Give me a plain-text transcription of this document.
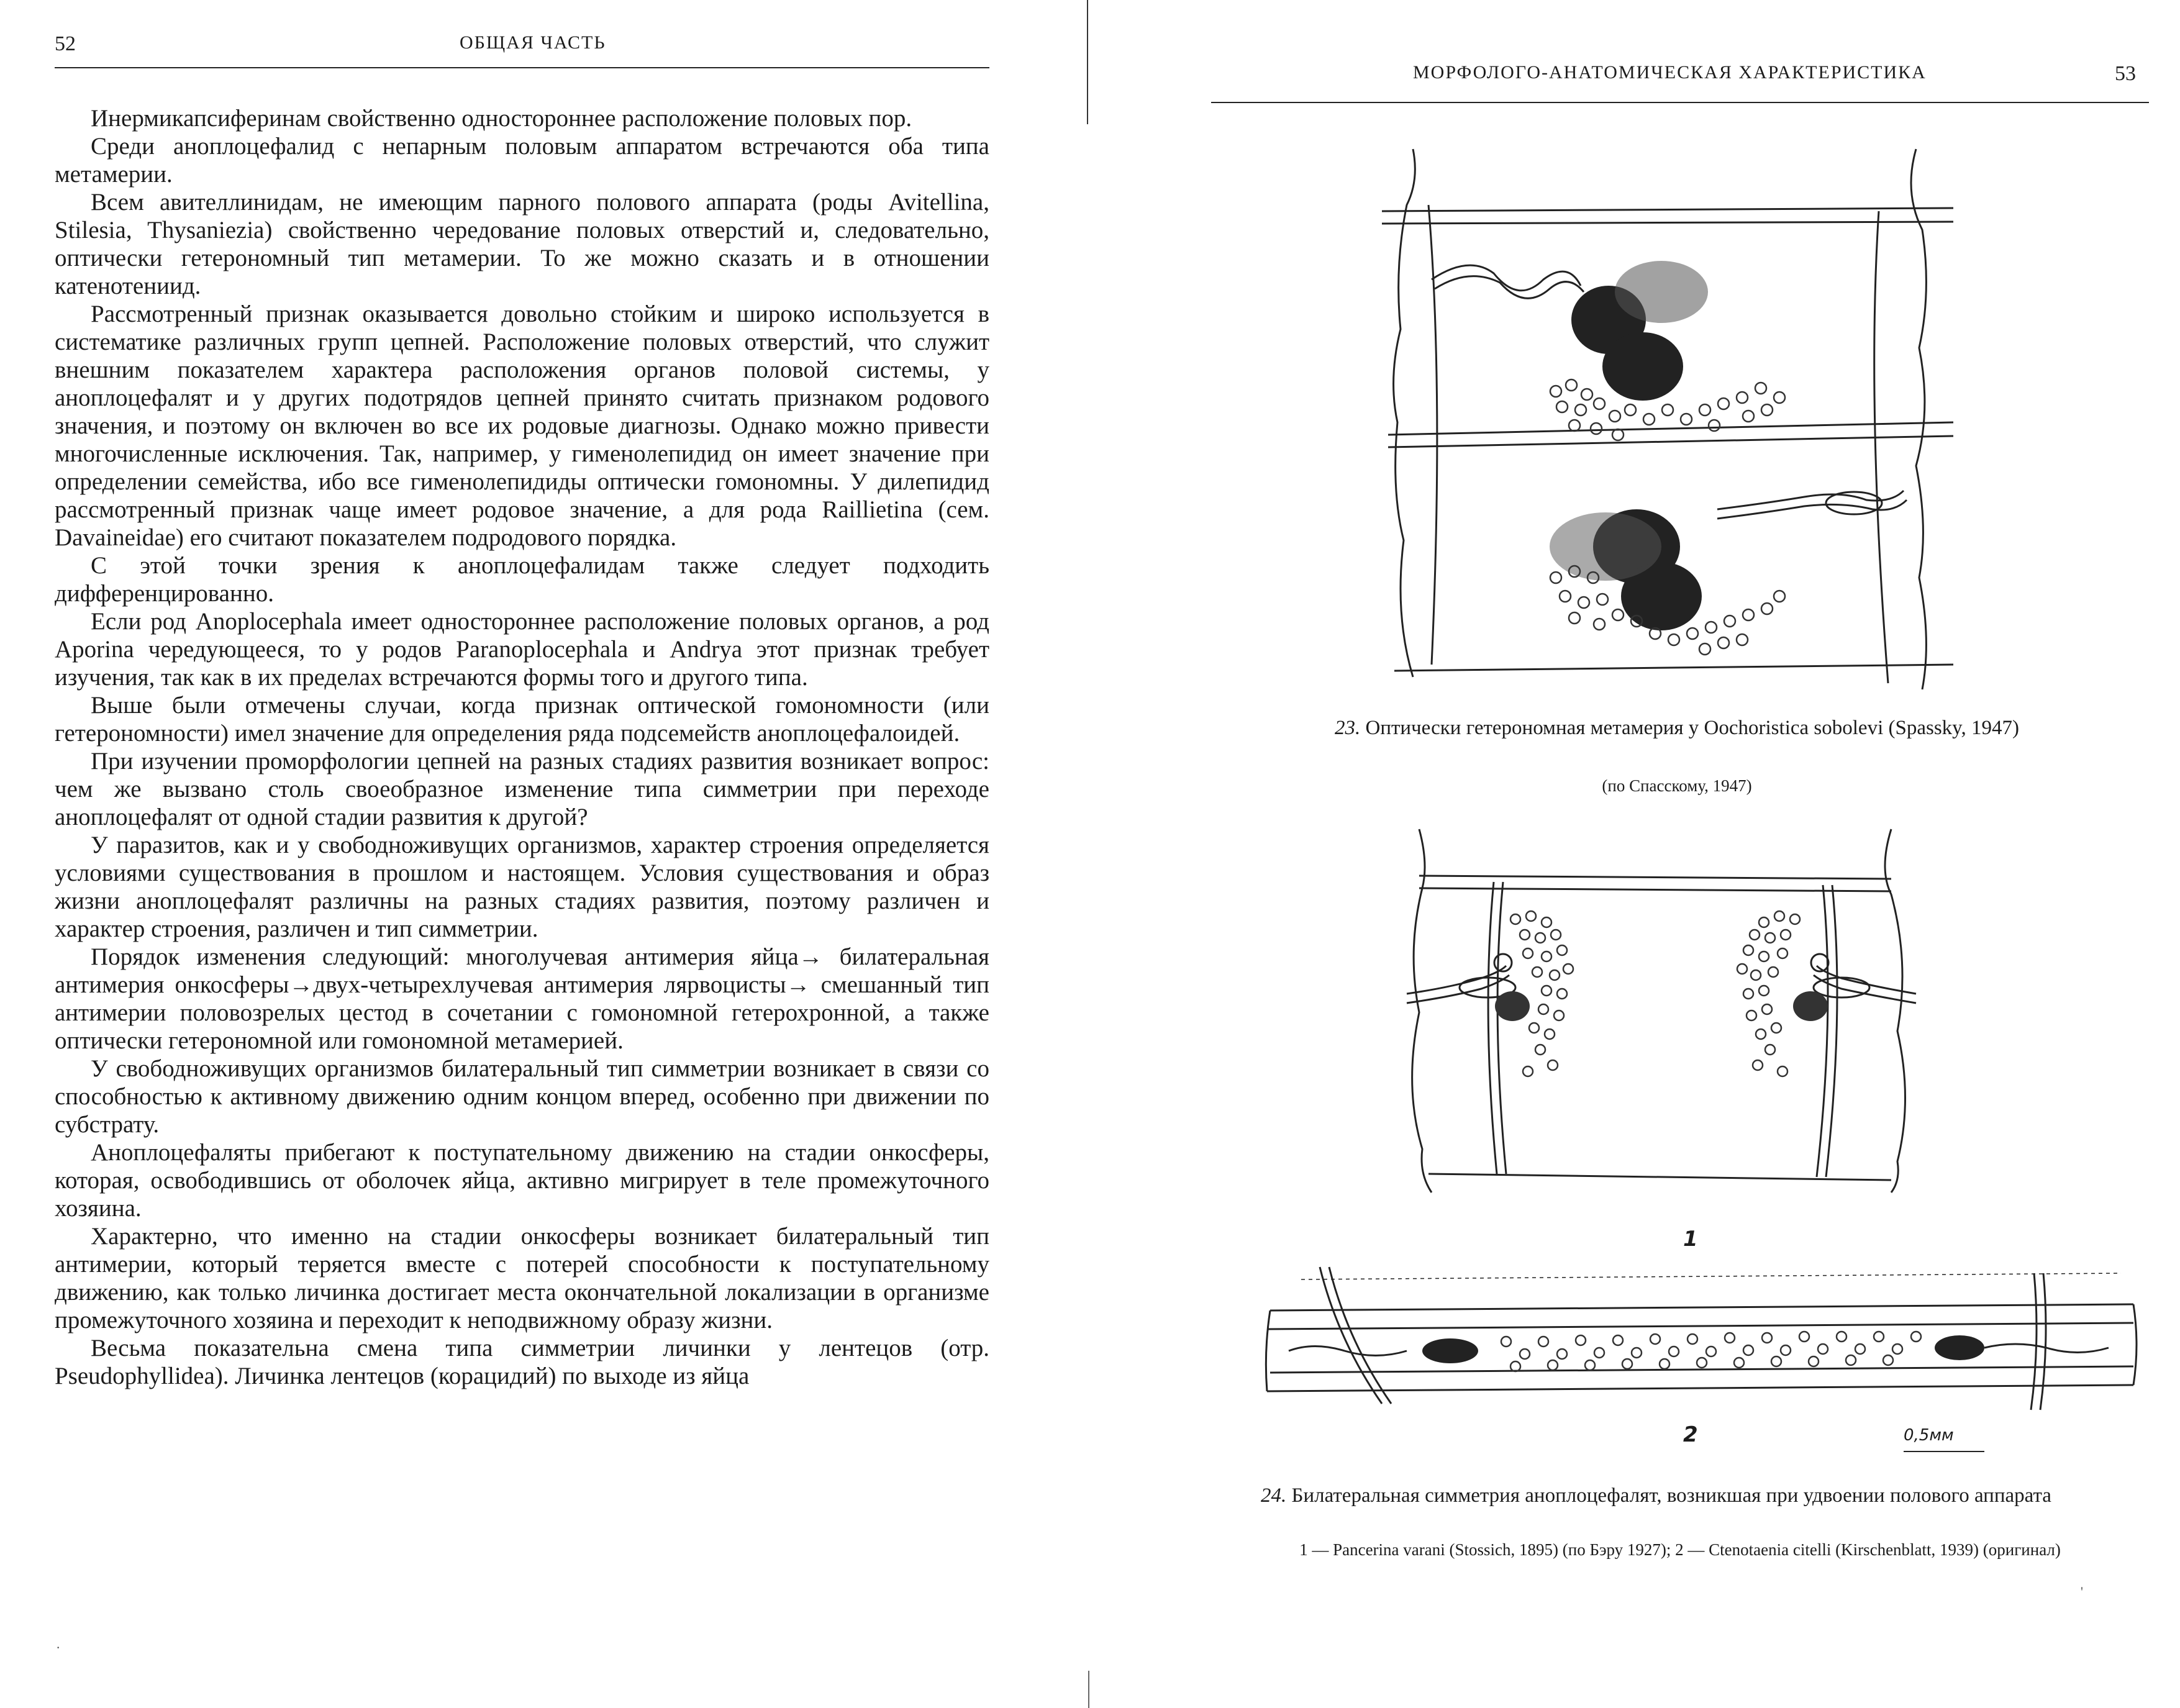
52	ОБЩАЯ ЧАСТЬ

Инермикапсиферинам свойственно одностороннее расположение половых пор.

Среди аноплоцефалид с непарным половым аппаратом встречаются оба типа метамерии.

Всем авителлинидам, не имеющим парного полового аппарата (роды Avitellina, Stilesia, Thysaniezia) свойственно чередование половых отверстий и, следовательно, оптически гетерономный тип метамерии. То же можно сказать и в отношении катенотениид.

Рассмотренный признак оказывается довольно стойким и широко используется в систематике различных групп цепней. Расположение половых отверстий, что служит внешним показателем характера расположения органов половой системы, у аноплоцефалят и у других подотрядов цепней принято считать признаком родового значения, и поэтому он включен во все их родовые диагнозы. Однако можно привести многочисленные исключения. Так, например, у гименолепидид он имеет значение при определении семейства, ибо все гименолепидиды оптически гомономны. У дилепидид рассмотренный признак чаще имеет родовое значение, а для рода Raillietina (сем. Davaineidae) его считают показателем подродового порядка.

С этой точки зрения к аноплоцефалидам также следует подходить дифференцированно.

Если род Anoplocephala имеет одностороннее расположение половых органов, а род Aporina чередующееся, то у родов Paranoplocephala и Andrya этот признак требует изучения, так как в их пределах встречаются формы того и другого типа.

Выше были отмечены случаи, когда признак оптической гомономности (или гетерономности) имел значение для определения ряда подсемейств аноплоцефалоидей.

При изучении проморфологии цепней на разных стадиях развития возникает вопрос: чем же вызвано столь своеобразное изменение типа симметрии при переходе аноплоцефалят от одной стадии развития к другой?

У паразитов, как и у свободноживущих организмов, характер строения определяется условиями существования в прошлом и настоящем. Условия существования и образ жизни аноплоцефалят различны на разных стадиях развития, поэтому различен и характер строения, различен и тип симметрии.

Порядок изменения следующий: многолучевая антимерия яйца→ билатеральная антимерия онкосферы→двух-четырехлучевая антимерия лярвоцисты→ смешанный тип антимерии половозрелых цестод в сочетании с гомономной гетерохронной, а также оптически гетерономной или гомономной метамерией.

У свободноживущих организмов билатеральный тип симметрии возникает в связи со способностью к активному движению одним концом вперед, особенно при движении по субстрату.

Аноплоцефаляты прибегают к поступательному движению на стадии онкосферы, которая, освободившись от оболочек яйца, активно мигрирует в теле промежуточного хозяина.

Характерно, что именно на стадии онкосферы возникает билатеральный тип антимерии, который теряется вместе с потерей способности к поступательному движению, как только личинка достигает места окончательной локализации в организме промежуточного хозяина и переходит к неподвижному образу жизни.

Весьма показательна смена типа симметрии личинки у лентецов (отр. Pseudophyllidea). Личинка лентецов (корацидий) по выходе из яйца

·
МОРФОЛОГО-АНАТОМИЧЕСКАЯ ХАРАКТЕРИСТИКА	53
23. Оптически гетерономная метамерия у Oochoristica sobolevi (Spassky, 1947)
(по Спасскому, 1947)
1
2	0,5мм
24. Билатеральная симметрия аноплоцефалят, возникшая при удвоении полового аппарата
1 — Pancerina varani (Stossich, 1895) (по Бэру 1927); 2 — Ctenotaenia citelli (Kirschenblatt, 1939) (оригинал)
'
